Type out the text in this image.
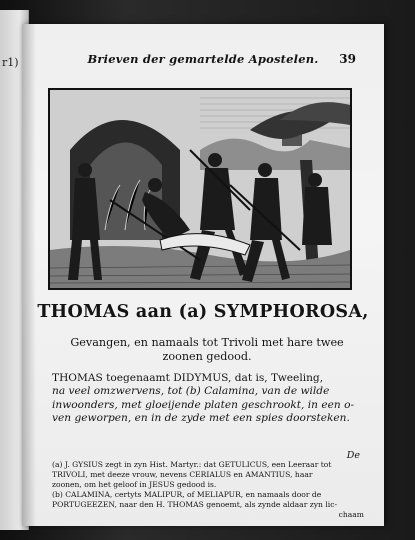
r1)	Brieven der gemartelde Apostelen.	39
THOMAS aan (a) SYMPHOROSA,
Gevangen, en namaals tot Trivoli met hare twee
zoonen gedood.
THOMAS toegenaamt DIDYMUS, dat is, Tweeling,
na veel omzwervens, tot (b) Calamina, van de wilde
inwoonders, met gloeijende platen geschrookt, in een o-
ven geworpen, en in de zyde met een spies doorsteken.
De
(a) J. GYSIUS zegt in zyn Hist. Martyr.: dat GETULICUS, een Leeraar tot
TRIVOLI, met deeze vrouw, nevens CERIALUS en AMANTIUS, haar
zoonen, om het geloof in JESUS gedood is.
(b) CALAMINA, certyts MALIPUR, of MELIAPUR, en namaals door de
PORTUGEEZEN, naar den H. THOMAS genoemt, als zynde aldaar zyn lic-
chaam
